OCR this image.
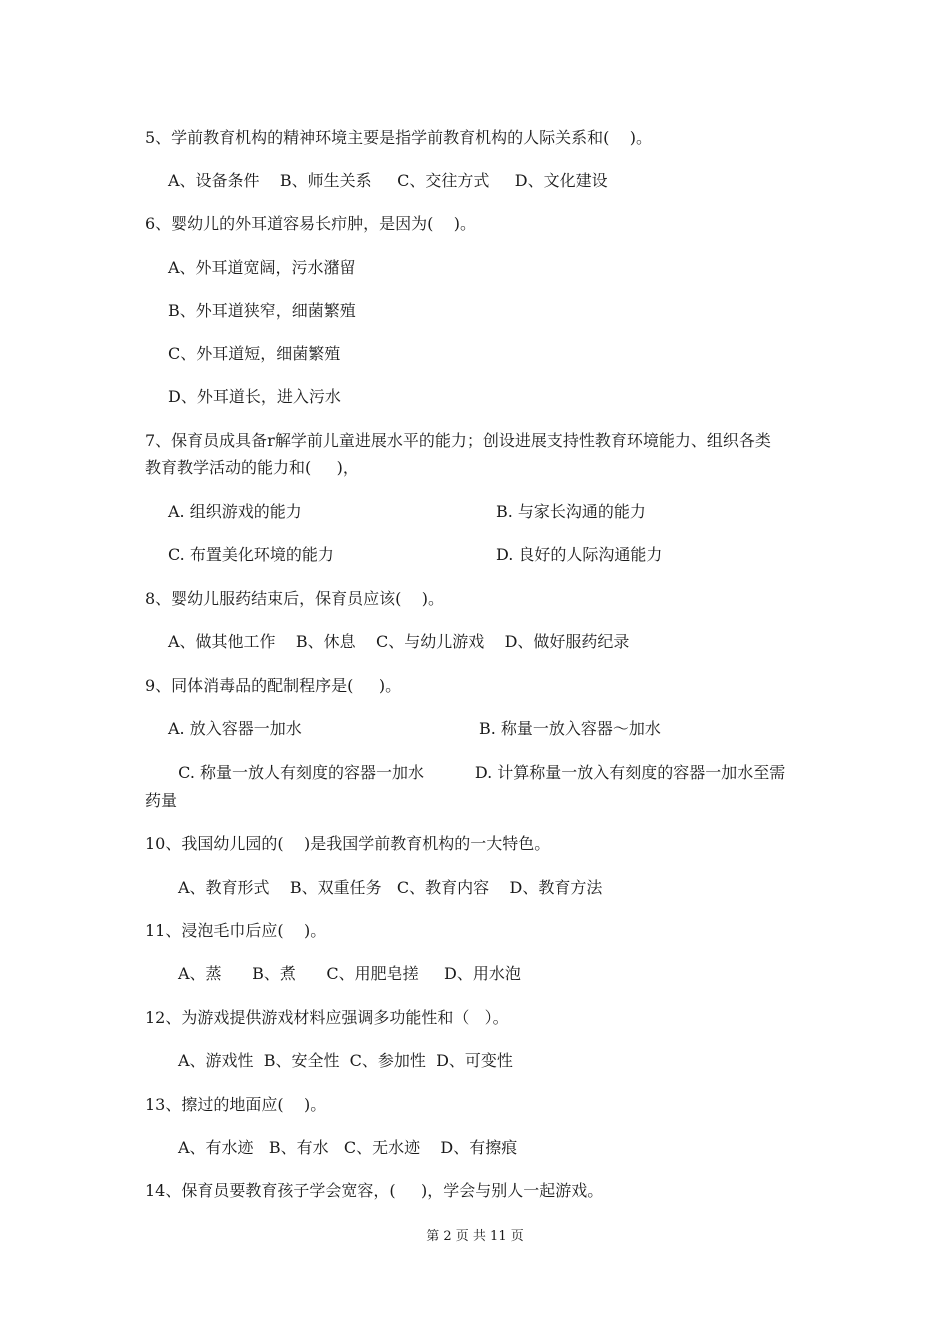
5、学前教育机构的精神环境主要是指学前教育机构的人际关系和(    )。
A、设备条件    B、师生关系     C、交往方式     D、文化建设
6、婴幼儿的外耳道容易长疖肿，是因为(    )。
A、外耳道宽阔，污水潴留
B、外耳道狭窄，细菌繁殖
C、外耳道短，细菌繁殖
D、外耳道长，进入污水
7、保育员成具备r解学前儿童进展水平的能力；创设进展支持性教育环境能力、组织各类
教育教学活动的能力和(     )，
A. 组织游戏的能力	B. 与家长沟通的能力
C. 布置美化环境的能力	D. 良好的人际沟通能力
8、婴幼儿服药结束后，保育员应该(    )。
A、做其他工作    B、休息    C、与幼儿游戏    D、做好服药纪录
9、同体消毒品的配制程序是(     )。
A. 放入容器一加水	B. 称量一放入容器～加水
C. 称量一放人有刻度的容器一加水          D. 计算称量一放入有刻度的容器一加水至需
药量
10、我国幼儿园的(    )是我国学前教育机构的一大特色。
A、教育形式    B、双重任务   C、教育内容    D、教育方法
11、浸泡毛巾后应(    )。
A、蒸      B、煮      C、用肥皂搓     D、用水泡
12、为游戏提供游戏材料应强调多功能性和（   ）。
A、游戏性  B、安全性  C、参加性  D、可变性
13、擦过的地面应(    )。
A、有水迹   B、有水   C、无水迹    D、有擦痕
14、保育员要教育孩子学会宽容，(     )，学会与别人一起游戏。
第 2 页 共 11 页
